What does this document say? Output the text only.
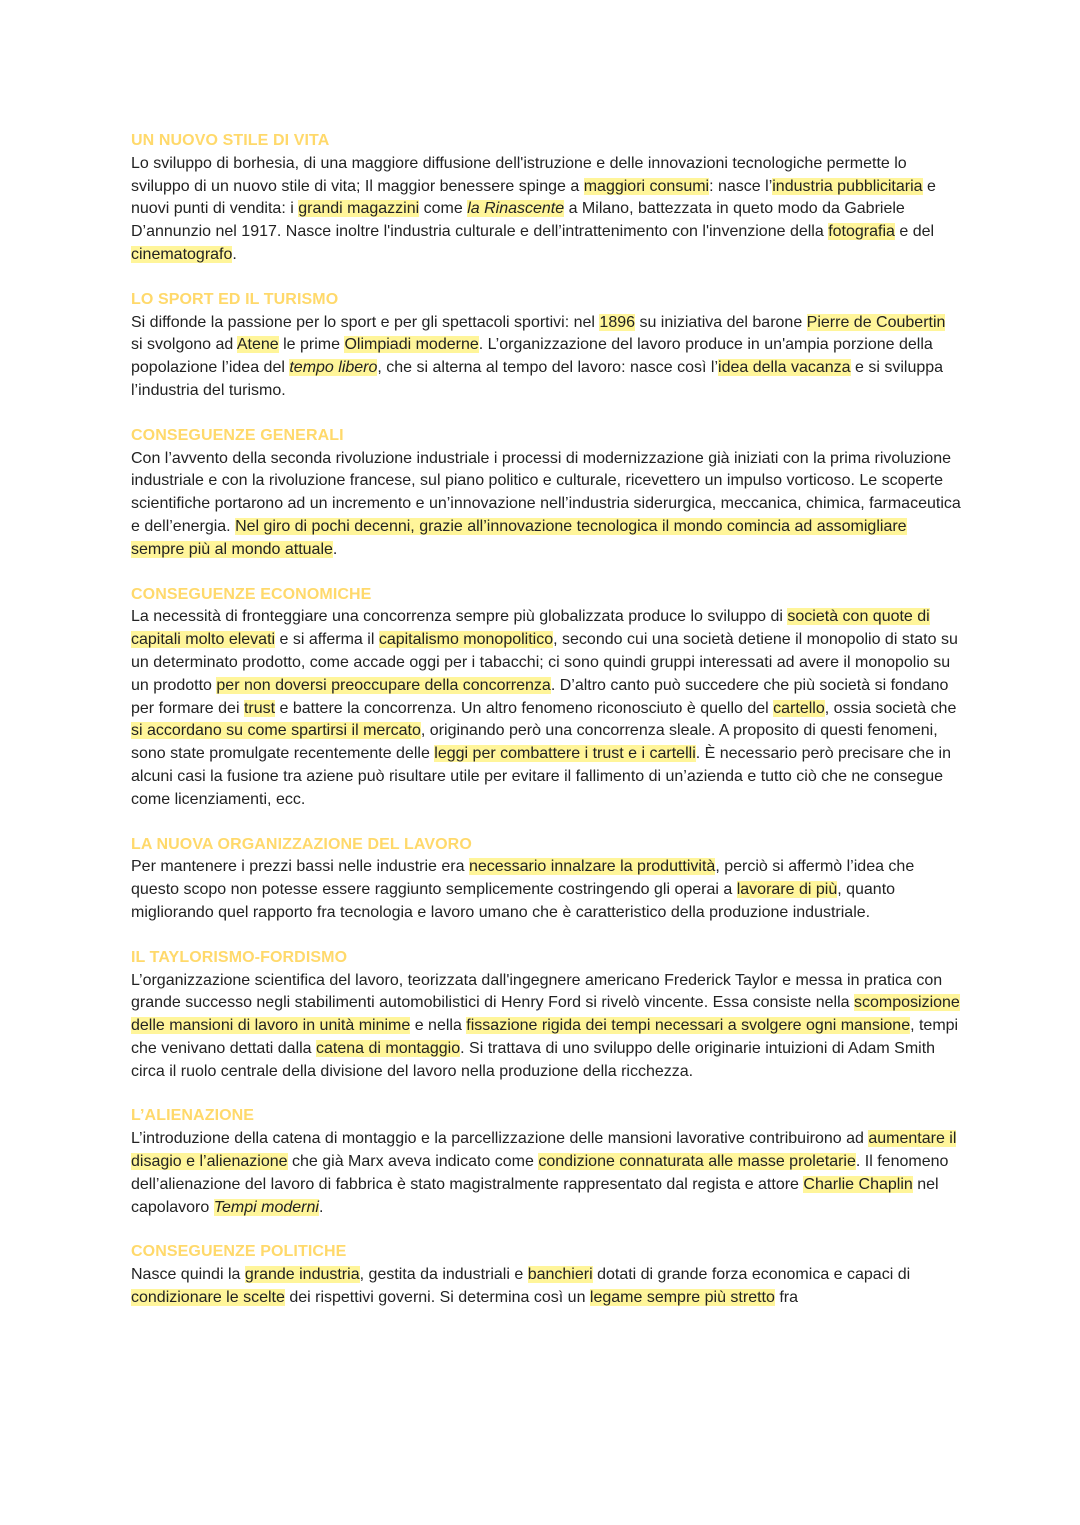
UN NUOVO STILE DI VITA

Lo sviluppo di borhesia, di una maggiore diffusione dell'istruzione e delle innovazioni tecnologiche permette lo sviluppo di un nuovo stile di vita; Il maggior benessere spinge a maggiori consumi: nasce l’industria pubblicitaria e nuovi punti di vendita: i grandi magazzini come la Rinascente a Milano, battezzata in queto modo da Gabriele D’annunzio nel 1917. Nasce inoltre l'industria culturale e dell’intrattenimento con l'invenzione della fotografia e del cinematografo.

LO SPORT ED IL TURISMO

Si diffonde la passione per lo sport e per gli spettacoli sportivi: nel 1896 su iniziativa del barone Pierre de Coubertin si svolgono ad Atene le prime Olimpiadi moderne. L’organizzazione del lavoro produce in un'ampia porzione della popolazione l’idea del tempo libero, che si alterna al tempo del lavoro: nasce così l’idea della vacanza e si sviluppa l’industria del turismo.

CONSEGUENZE GENERALI

Con l’avvento della seconda rivoluzione industriale i processi di modernizzazione già iniziati con la prima rivoluzione industriale e con la rivoluzione francese, sul piano politico e culturale, ricevettero un impulso vorticoso. Le scoperte scientifiche portarono ad un incremento e un’innovazione nell’industria siderurgica, meccanica, chimica, farmaceutica e dell’energia. Nel giro di pochi decenni, grazie all’innovazione tecnologica il mondo comincia ad assomigliare sempre più al mondo attuale.

CONSEGUENZE ECONOMICHE

La necessità di fronteggiare una concorrenza sempre più globalizzata produce lo sviluppo di società con quote di capitali molto elevati e si afferma il capitalismo monopolitico, secondo cui una società detiene il monopolio di stato su un determinato prodotto, come accade oggi per i tabacchi; ci sono quindi gruppi interessati ad avere il monopolio su un prodotto per non doversi preoccupare della concorrenza. D’altro canto può succedere che più società si fondano per formare dei trust e battere la concorrenza. Un altro fenomeno riconosciuto è quello del cartello, ossia società che si accordano su come spartirsi il mercato, originando però una concorrenza sleale. A proposito di questi fenomeni, sono state promulgate recentemente delle leggi per combattere i trust e i cartelli. È necessario però precisare che in alcuni casi la fusione tra aziene può risultare utile per evitare il fallimento di un’azienda e tutto ciò che ne consegue come licenziamenti, ecc.

LA NUOVA ORGANIZZAZIONE DEL LAVORO

Per mantenere i prezzi bassi nelle industrie era necessario innalzare la produttività, perciò si affermò l’idea che questo scopo non potesse essere raggiunto semplicemente costringendo gli operai a lavorare di più, quanto migliorando quel rapporto fra tecnologia e lavoro umano che è caratteristico della produzione industriale.

IL TAYLORISMO-FORDISMO

L’organizzazione scientifica del lavoro, teorizzata dall'ingegnere americano Frederick Taylor e messa in pratica con grande successo negli stabilimenti automobilistici di Henry Ford si rivelò vincente. Essa consiste nella scomposizione delle mansioni di lavoro in unità minime e nella fissazione rigida dei tempi necessari a svolgere ogni mansione, tempi che venivano dettati dalla catena di montaggio. Si trattava di uno sviluppo delle originarie intuizioni di Adam Smith circa il ruolo centrale della divisione del lavoro nella produzione della ricchezza.

L’ALIENAZIONE

L’introduzione della catena di montaggio e la parcellizzazione delle mansioni lavorative contribuirono ad aumentare il disagio e l’alienazione che già Marx aveva indicato come condizione connaturata alle masse proletarie. Il fenomeno dell’alienazione del lavoro di fabbrica è stato magistralmente rappresentato dal regista e attore Charlie Chaplin nel capolavoro Tempi moderni.

CONSEGUENZE POLITICHE

Nasce quindi la grande industria, gestita da industriali e banchieri dotati di grande forza economica e capaci di condizionare le scelte dei rispettivi governi. Si determina così un legame sempre più stretto fra
